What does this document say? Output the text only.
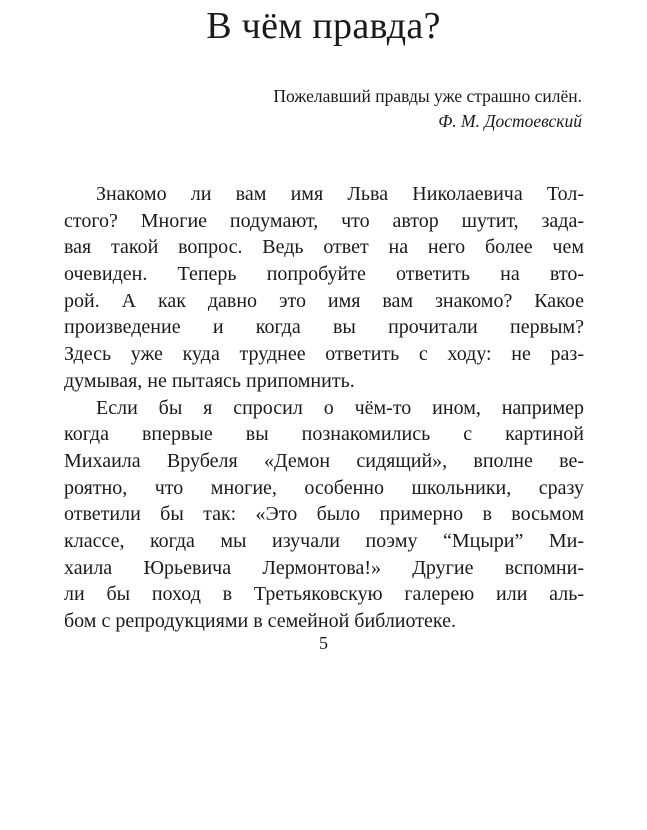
В чём правда?
Пожелавший правды уже страшно силён.
Ф. М. Достоевский

Знакомо ли вам имя Льва Николаевича Тол-
стого? Многие подумают, что автор шутит, зада-
вая такой вопрос. Ведь ответ на него более чем
очевиден. Теперь попробуйте ответить на вто-
рой. А как давно это имя вам знакомо? Какое
произведение и когда вы прочитали первым?
Здесь уже куда труднее ответить с ходу: не раз-
думывая, не пытаясь припомнить.

Если бы я спросил о чём-то ином, например
когда впервые вы познакомились с картиной
Михаила Врубеля «Демон сидящий», вполне ве-
роятно, что многие, особенно школьники, сразу
ответили бы так: «Это было примерно в восьмом
классе, когда мы изучали поэму “Мцыри” Ми-
хаила Юрьевича Лермонтова!» Другие вспомни-
ли бы поход в Третьяковскую галерею или аль-
бом с репродукциями в семейной библиотеке.

5
